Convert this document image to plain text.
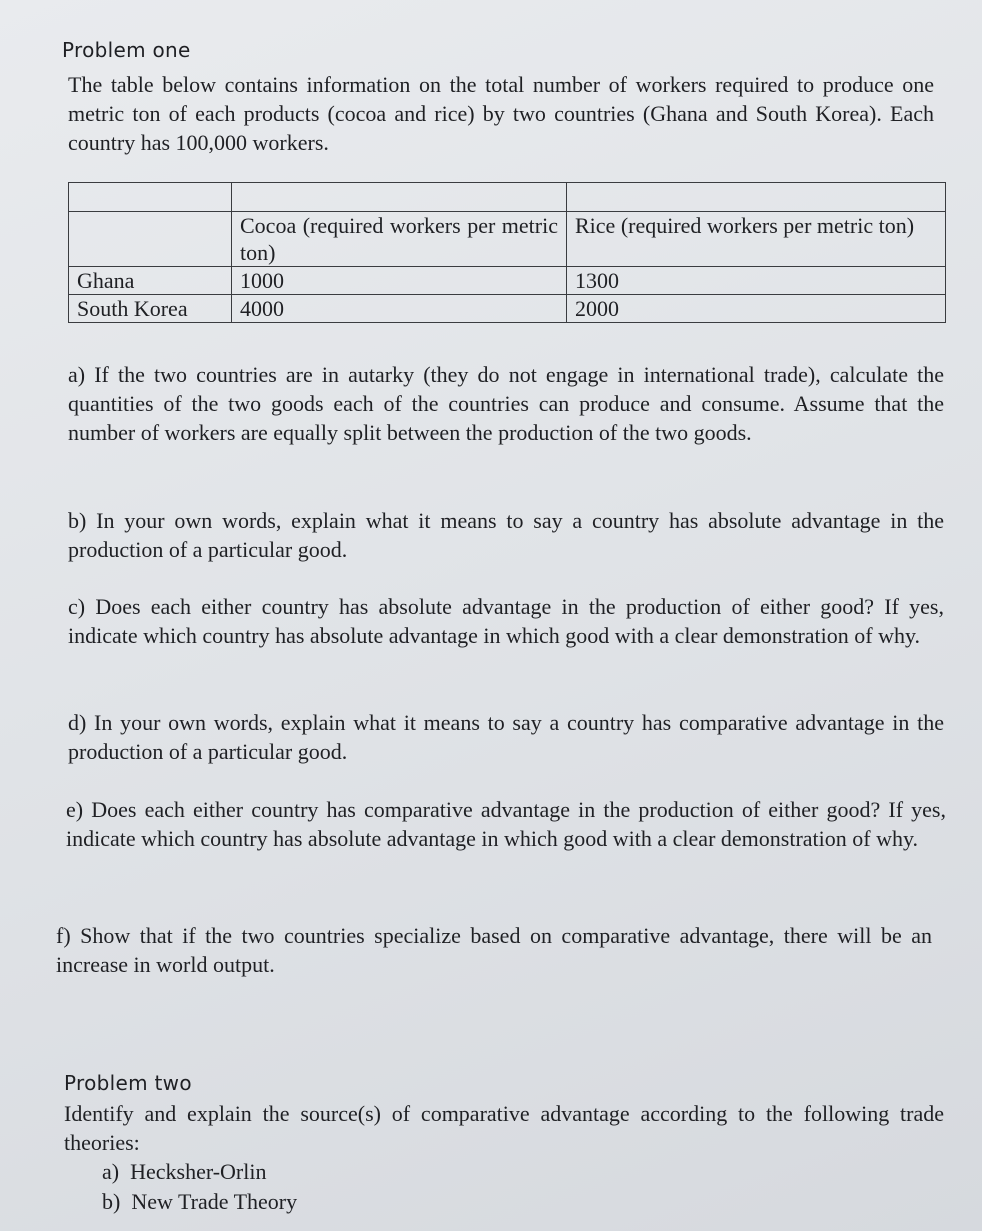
Problem one
The table below contains information on the total number of workers required to produce one metric ton of each products (cocoa and rice) by two countries (Ghana and South Korea). Each country has 100,000 workers.

	Cocoa (required workers per metric ton)	Rice (required workers per metric ton)
Ghana	1000	1300
South Korea	4000	2000
a) If the two countries are in autarky (they do not engage in international trade), calculate the quantities of the two goods each of the countries can produce and consume. Assume that the number of workers are equally split between the production of the two goods.
b) In your own words, explain what it means to say a country has absolute advantage in the production of a particular good.
c) Does each either country has absolute advantage in the production of either good? If yes, indicate which country has absolute advantage in which good with a clear demonstration of why.
d) In your own words, explain what it means to say a country has comparative advantage in the production of a particular good.
e) Does each either country has comparative advantage in the production of either good? If yes, indicate which country has absolute advantage in which good with a clear demonstration of why.
f) Show that if the two countries specialize based on comparative advantage, there will be an increase in world output.
Problem two
Identify and explain the source(s) of comparative advantage according to the following trade theories:
a) Hecksher-Orlin
b) New Trade Theory
